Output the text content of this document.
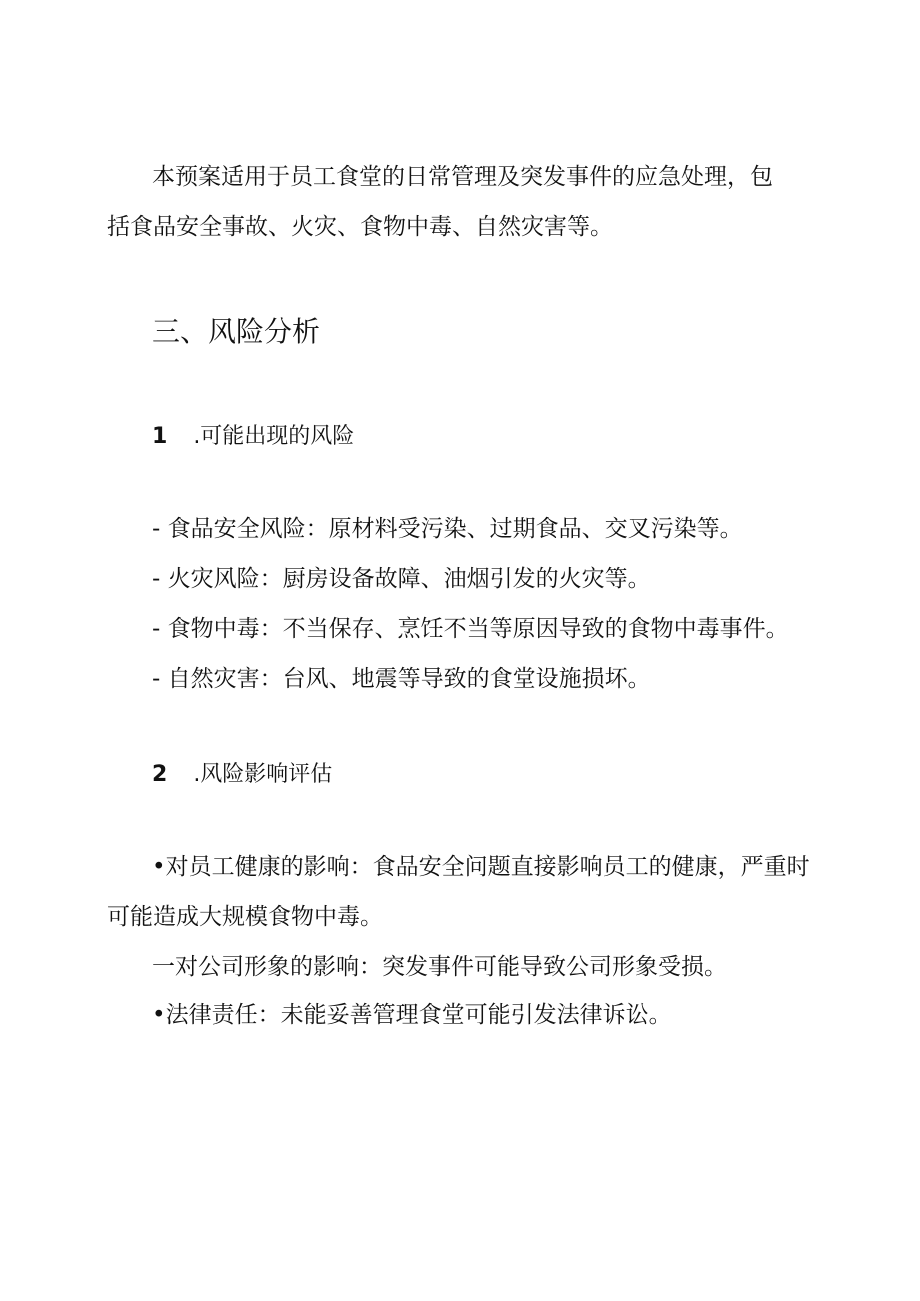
本预案适用于员工食堂的日常管理及突发事件的应急处理，包
括食品安全事故、火灾、食物中毒、自然灾害等。
三、风险分析
1 .可能出现的风险
- 食品安全风险：原材料受污染、过期食品、交叉污染等。
- 火灾风险：厨房设备故障、油烟引发的火灾等。
- 食物中毒：不当保存、烹饪不当等原因导致的食物中毒事件。
- 自然灾害：台风、地震等导致的食堂设施损坏。
2 .风险影响评估
•对员工健康的影响：食品安全问题直接影响员工的健康，严重时
可能造成大规模食物中毒。
一对公司形象的影响：突发事件可能导致公司形象受损。
•法律责任：未能妥善管理食堂可能引发法律诉讼。
